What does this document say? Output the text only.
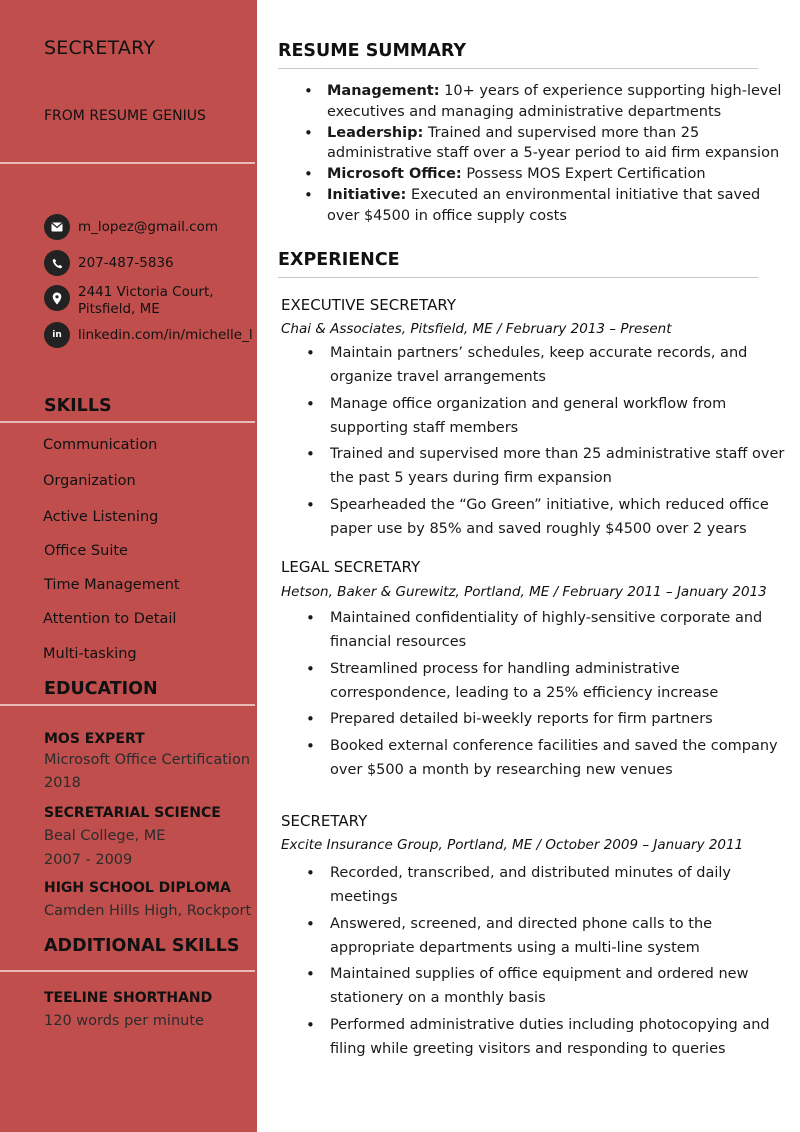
SECRETARY
FROM RESUME GENIUS
m_lopez@gmail.com
207-487-5836
2441 Victoria Court,
Pitsfield, ME
in linkedin.com/in/michelle_l
SKILLS
Communication
Organization
Active Listening
Office Suite
Time Management
Attention to Detail
Multi-tasking
EDUCATION
MOS EXPERT
Microsoft Office Certification
2018
SECRETARIAL SCIENCE
Beal College, ME
2007 - 2009
HIGH SCHOOL DIPLOMA
Camden Hills High, Rockport
ADDITIONAL SKILLS
TEELINE SHORTHAND
120 words per minute
RESUME SUMMARY
• Management: 10+ years of experience supporting high-level executives and managing administrative departments
• Leadership: Trained and supervised more than 25 administrative staff over a 5-year period to aid firm expansion
• Microsoft Office: Possess MOS Expert Certification
• Initiative: Executed an environmental initiative that saved over $4500 in office supply costs
EXPERIENCE
EXECUTIVE SECRETARY
Chai & Associates, Pitsfield, ME / February 2013 – Present
• Maintain partners’ schedules, keep accurate records, and organize travel arrangements
• Manage office organization and general workflow from supporting staff members
• Trained and supervised more than 25 administrative staff over the past 5 years during firm expansion
• Spearheaded the “Go Green” initiative, which reduced office paper use by 85% and saved roughly $4500 over 2 years
LEGAL SECRETARY
Hetson, Baker & Gurewitz, Portland, ME / February 2011 – January 2013
• Maintained confidentiality of highly-sensitive corporate and financial resources
• Streamlined process for handling administrative correspondence, leading to a 25% efficiency increase
• Prepared detailed bi-weekly reports for firm partners
• Booked external conference facilities and saved the company over $500 a month by researching new venues
SECRETARY
Excite Insurance Group, Portland, ME / October 2009 – January 2011
• Recorded, transcribed, and distributed minutes of daily meetings
• Answered, screened, and directed phone calls to the appropriate departments using a multi-line system
• Maintained supplies of office equipment and ordered new stationery on a monthly basis
• Performed administrative duties including photocopying and filing while greeting visitors and responding to queries
